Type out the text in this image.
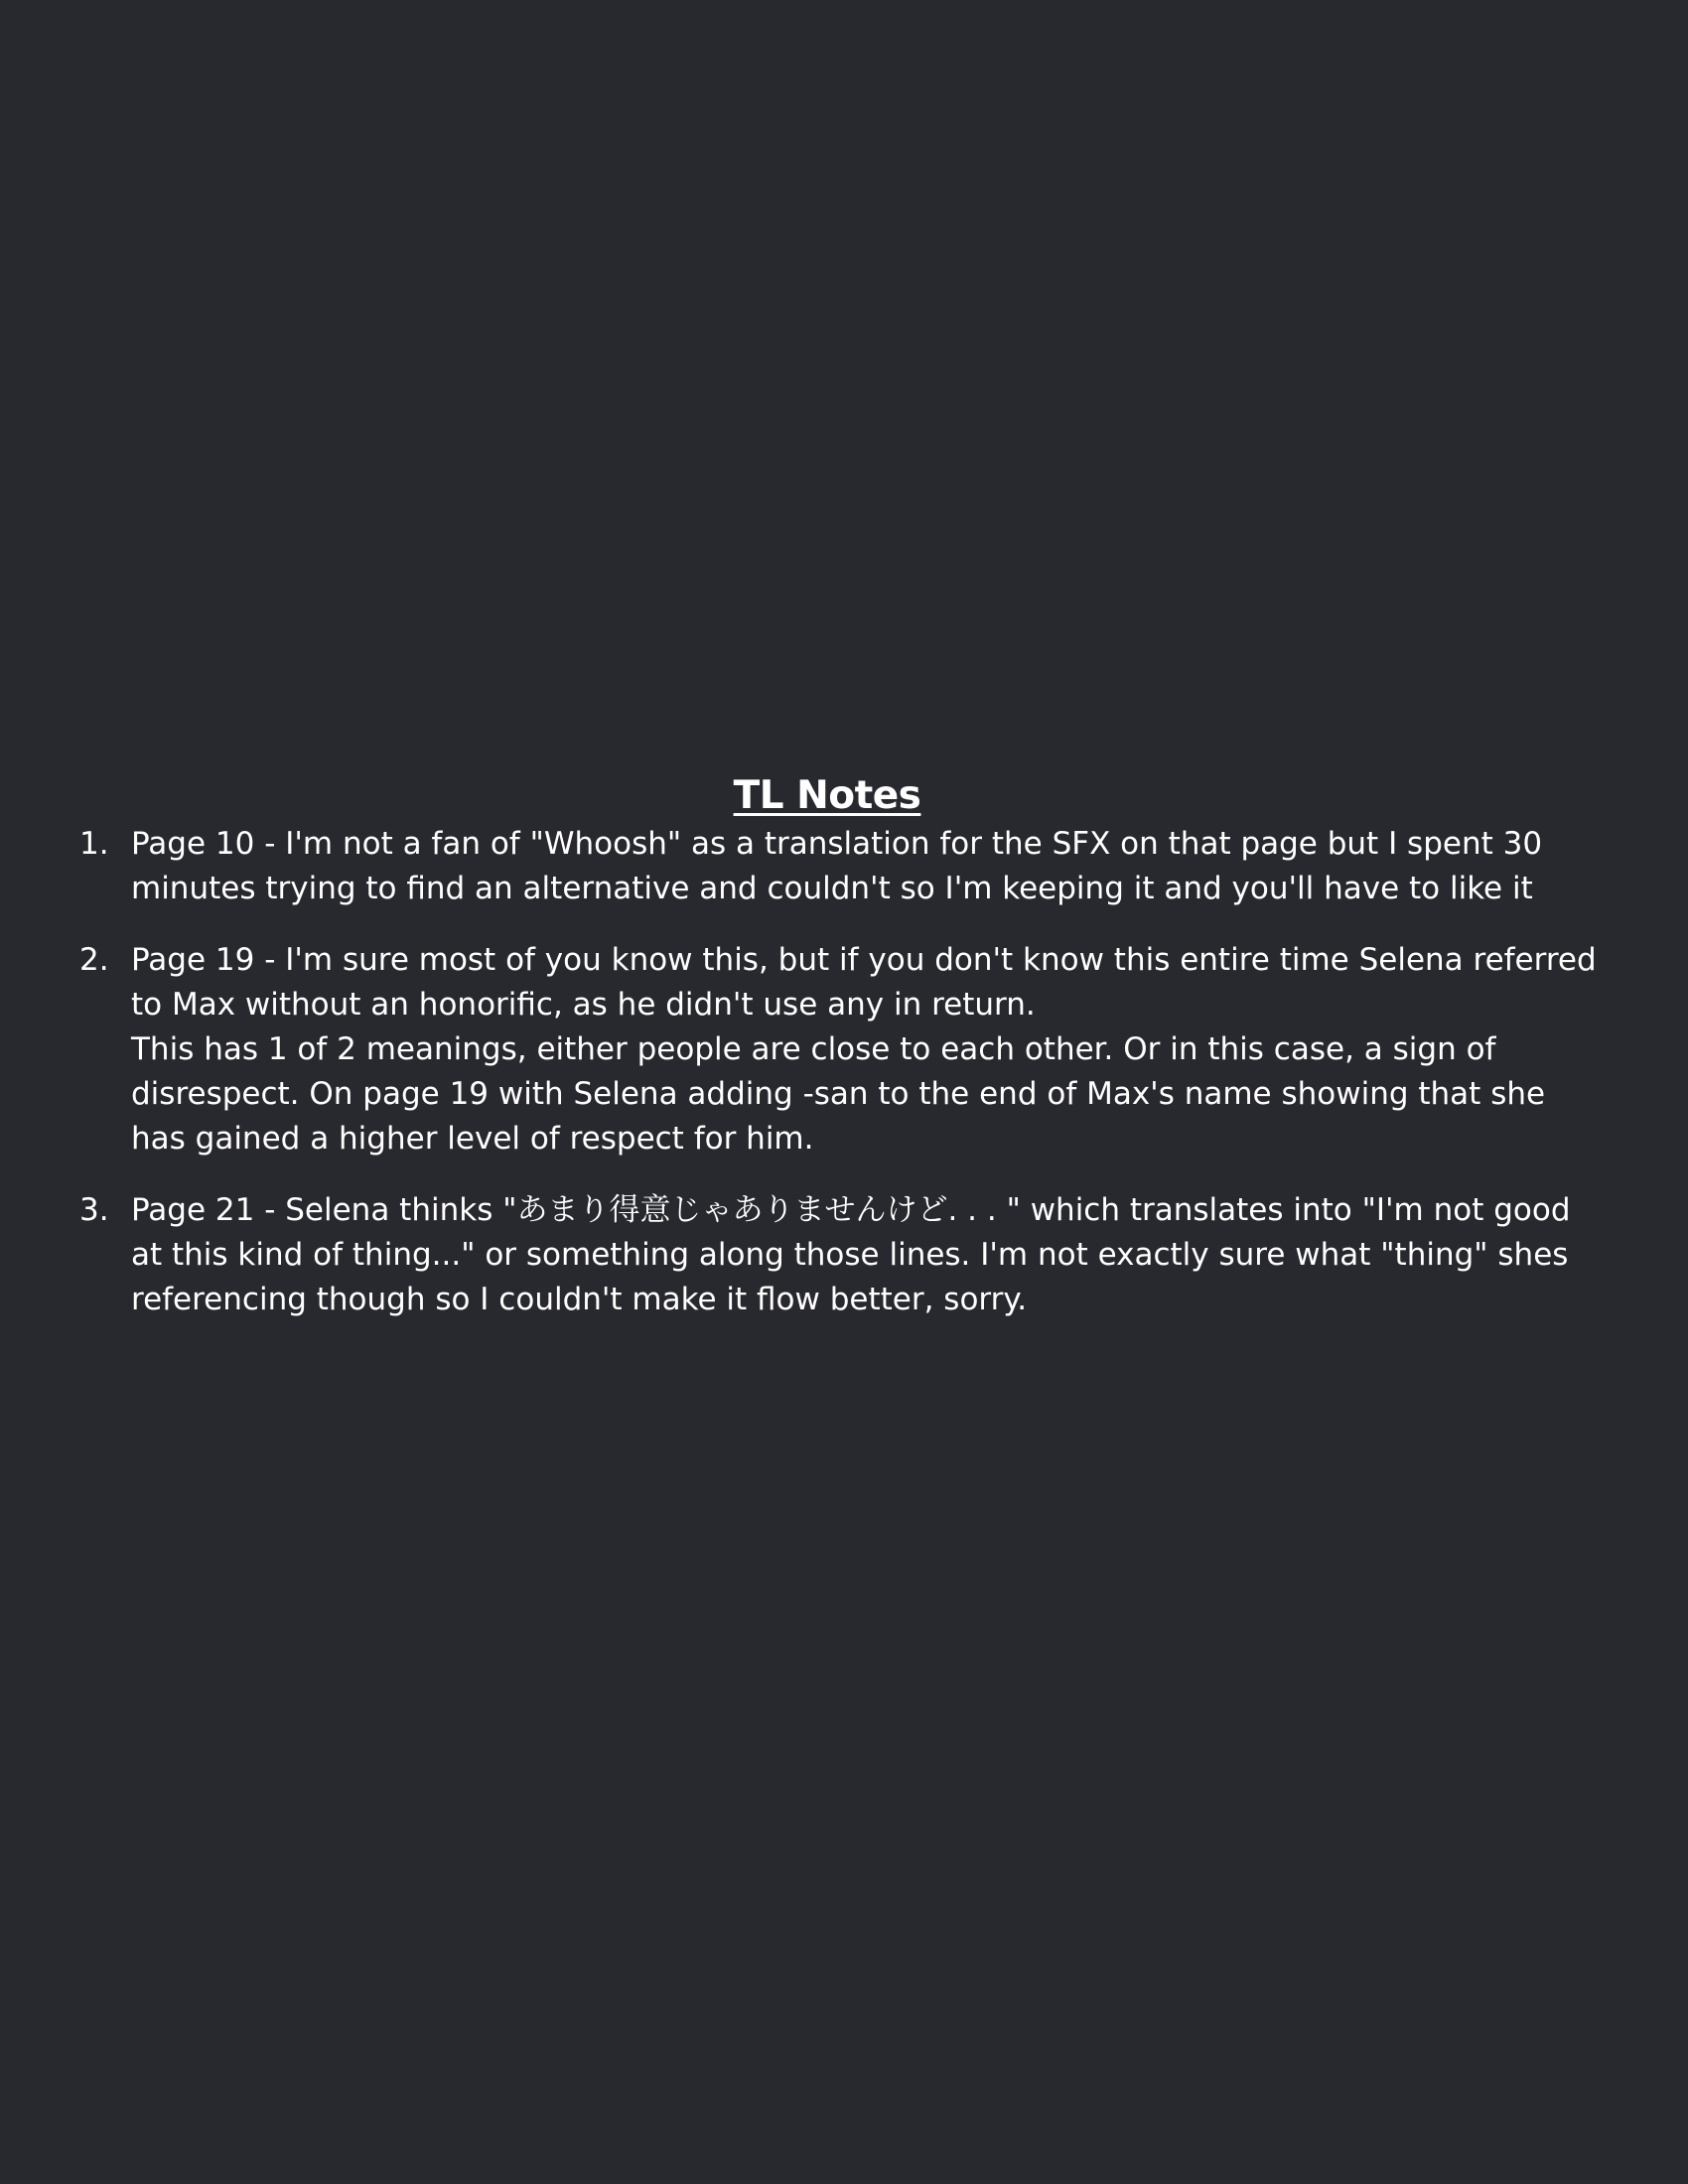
TL Notes
1. Page 10 - I'm not a fan of "Whoosh" as a translation for the SFX on that page but I spent 30 minutes trying to find an alternative and couldn't so I'm keeping it and you'll have to like it
2. Page 19 - I'm sure most of you know this, but if you don't know this entire time Selena referred to Max without an honorific, as he didn't use any in return.
This has 1 of 2 meanings, either people are close to each other. Or in this case, a sign of disrespect. On page 19 with Selena adding -san to the end of Max's name showing that she has gained a higher level of respect for him.
3. Page 21 - Selena thinks "あまり得意じゃありませんけど. . . " which translates into "I'm not good at this kind of thing..." or something along those lines. I'm not exactly sure what "thing" shes referencing though so I couldn't make it flow better, sorry.
